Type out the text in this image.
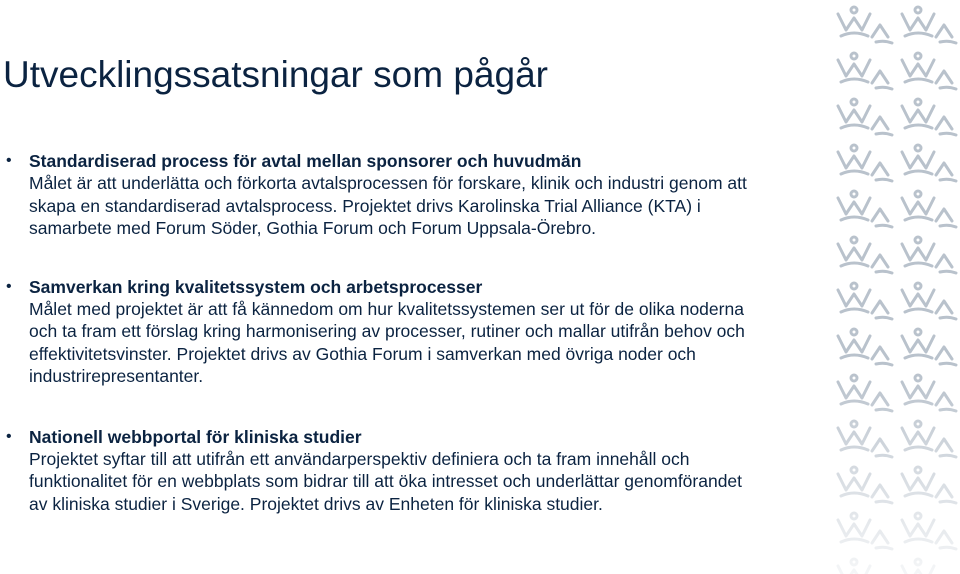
Utvecklingssatsningar som pågår
• Standardiserad process för avtal mellan sponsorer och huvudmän
Målet är att underlätta och förkorta avtalsprocessen för forskare, klinik och industri genom att
skapa en standardiserad avtalsprocess. Projektet drivs Karolinska Trial Alliance (KTA) i
samarbete med Forum Söder, Gothia Forum och Forum Uppsala-Örebro.
• Samverkan kring kvalitetssystem och arbetsprocesser
Målet med projektet är att få kännedom om hur kvalitetssystemen ser ut för de olika noderna
och ta fram ett förslag kring harmonisering av processer, rutiner och mallar utifrån behov och
effektivitetsvinster. Projektet drivs av Gothia Forum i samverkan med övriga noder och
industrirepresentanter.
• Nationell webbportal för kliniska studier
Projektet syftar till att utifrån ett användarperspektiv definiera och ta fram innehåll och
funktionalitet för en webbplats som bidrar till att öka intresset och underlättar genomförandet
av kliniska studier i Sverige. Projektet drivs av Enheten för kliniska studier.
